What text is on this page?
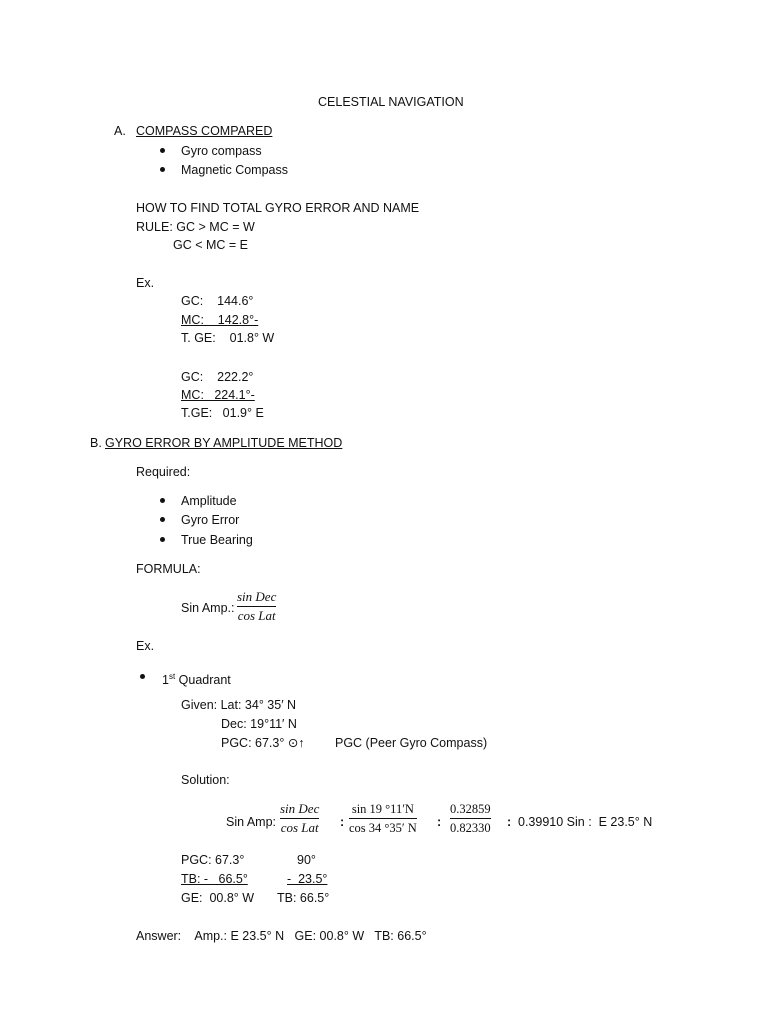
CELESTIAL NAVIGATION
A. COMPASS COMPARED
Gyro compass
Magnetic Compass
HOW TO FIND TOTAL GYRO ERROR AND NAME
RULE: GC > MC = W
GC < MC = E
Ex.
GC:    144.6°
MC:    142.8°-
T. GE:    01.8° W
GC:    222.2°
MC:   224.1°-
T.GE:   01.9° E
B. GYRO ERROR BY AMPLITUDE METHOD
Required:
Amplitude
Gyro Error
True Bearing
FORMULA:
Sin Amp.:
sin Dec
cos Lat
Ex.
1st Quadrant
Given: Lat: 34° 35′ N
Dec: 19°11′ N
PGC: 67.3° ⊙↑ PGC (Peer Gyro Compass)
Solution:
Sin Amp:
sin Dec
cos Lat :
sin 19 °11′N
cos 34 °35′ N :
0.32859
0.82330 : 0.39910 Sin :  E 23.5° N
PGC: 67.3°	90°
TB: -   66.5°	-  23.5°
GE:  00.8° W TB: 66.5°
Answer:    Amp.: E 23.5° N   GE: 00.8° W   TB: 66.5°
